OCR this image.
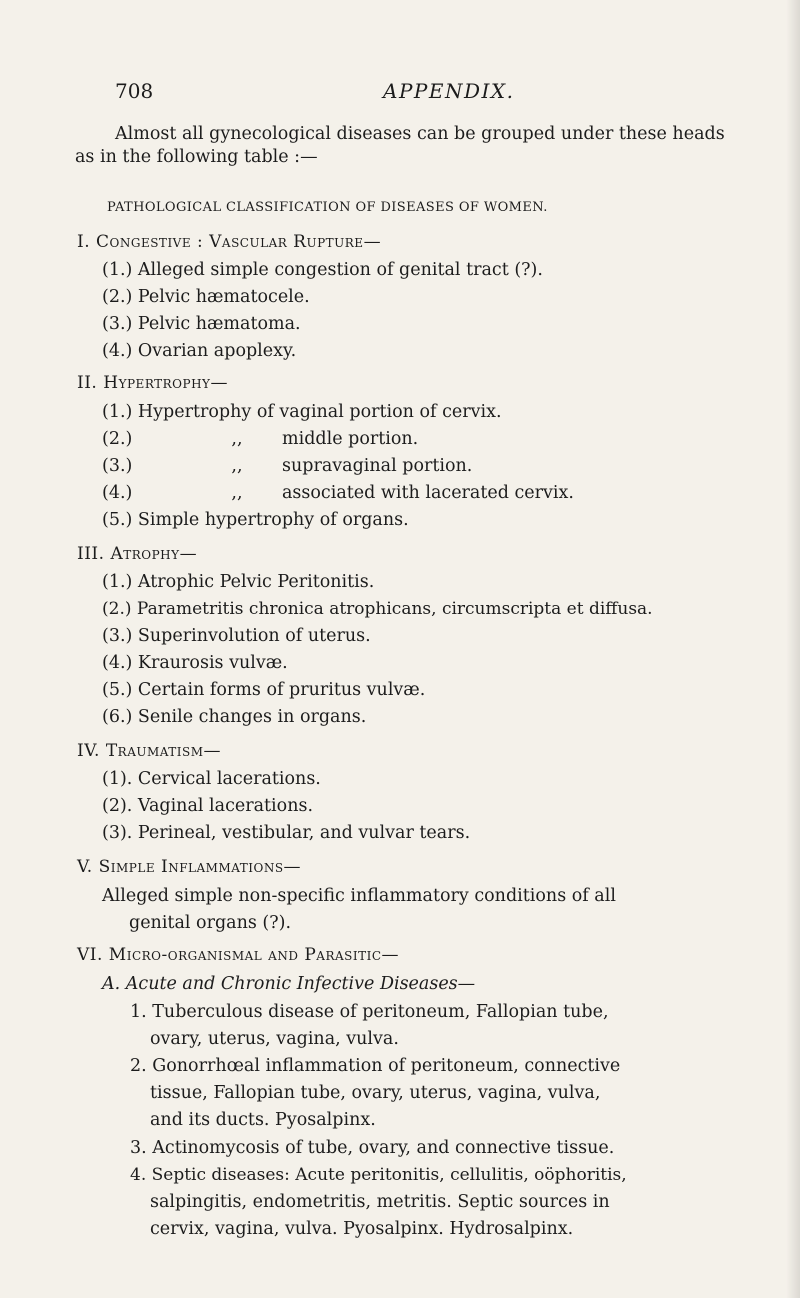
708	APPENDIX.
Almost all gynecological diseases can be grouped under these heads
as in the following table :—
PATHOLOGICAL CLASSIFICATION OF DISEASES OF WOMEN.
I. Congestive : Vascular Rupture—
(1.) Alleged simple congestion of genital tract (?).
(2.) Pelvic hæmatocele.
(3.) Pelvic hæmatoma.
(4.) Ovarian apoplexy.
II. Hypertrophy—
(1.) Hypertrophy of vaginal portion of cervix.
(2.)	,, middle portion.
(3.)	,, supravaginal portion.
(4.)	,, associated with lacerated cervix.
(5.) Simple hypertrophy of organs.
III. Atrophy—
(1.) Atrophic Pelvic Peritonitis.
(2.) Parametritis chronica atrophicans, circumscripta et diffusa.
(3.) Superinvolution of uterus.
(4.) Kraurosis vulvæ.
(5.) Certain forms of pruritus vulvæ.
(6.) Senile changes in organs.
IV. Traumatism—
(1). Cervical lacerations.
(2). Vaginal lacerations.
(3). Perineal, vestibular, and vulvar tears.
V. Simple Inflammations—
Alleged simple non-specific inflammatory conditions of all
genital organs (?).
VI. Micro-organismal and Parasitic—
A. Acute and Chronic Infective Diseases—
1. Tuberculous disease of peritoneum, Fallopian tube,
ovary, uterus, vagina, vulva.
2. Gonorrhœal inflammation of peritoneum, connective
tissue, Fallopian tube, ovary, uterus, vagina, vulva,
and its ducts. Pyosalpinx.
3. Actinomycosis of tube, ovary, and connective tissue.
4. Septic diseases: Acute peritonitis, cellulitis, oöphoritis,
salpingitis, endometritis, metritis. Septic sources in
cervix, vagina, vulva. Pyosalpinx. Hydrosalpinx.
